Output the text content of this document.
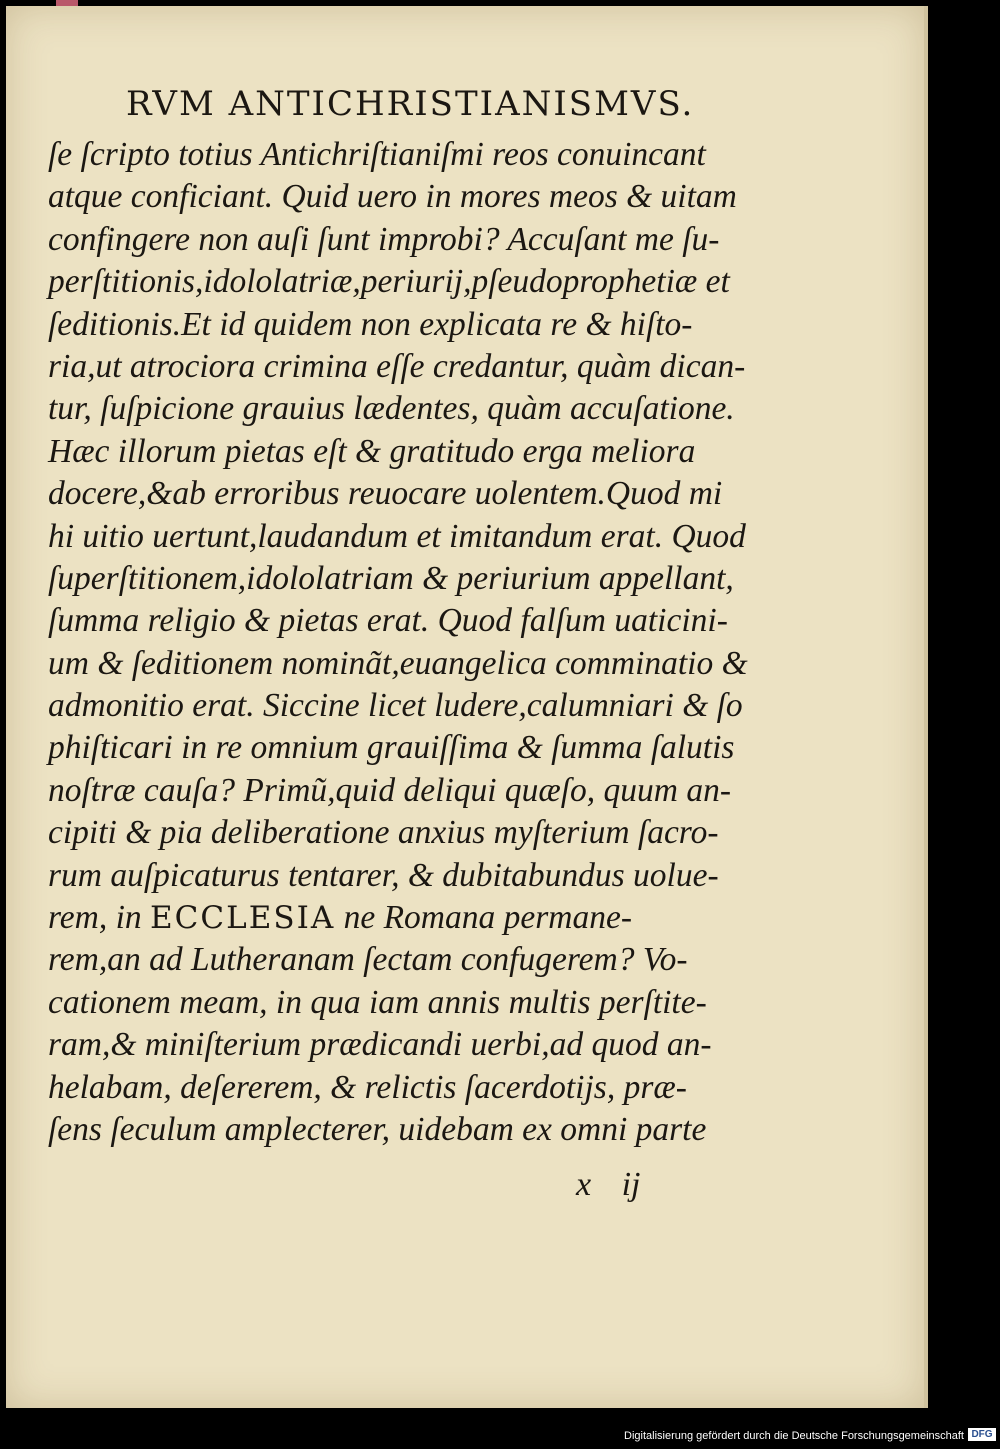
RVM ANTICHRISTIANISMVS.
ſe ſcripto totius Antichriſtianiſmi reos conuincant
atque conficiant. Quid uero in mores meos & uitam
confingere non auſi ſunt improbi? Accuſant me ſu-
perſtitionis,idololatriæ,periurij,pſeudoprophetiæ et
ſeditionis.Et id quidem non explicata re & hiſto-
ria,ut atrociora crimina eſſe credantur, quàm dican-
tur, ſuſpicione grauius lædentes, quàm accuſatione.
Hæc illorum pietas eſt & gratitudo erga meliora
docere,&ab erroribus reuocare uolentem.Quod mi
hi uitio uertunt,laudandum et imitandum erat. Quod
ſuperſtitionem,idololatriam & periurium appellant,
ſumma religio & pietas erat. Quod falſum uaticini-
um & ſeditionem nominãt,euangelica comminatio &
admonitio erat. Siccine licet ludere,calumniari & ſo
phiſticari in re omnium grauiſſima & ſumma ſalutis
noſtræ cauſa? Primũ,quid deliqui quæſo, quum an-
cipiti & pia deliberatione anxius myſterium ſacro-
rum auſpicaturus tentarer, & dubitabundus uolue-
rem, in ECCLESIA ne Romana permane-
rem,an ad Lutheranam ſectam confugerem? Vo-
cationem meam, in qua iam annis multis perſtite-
ram,& miniſterium prædicandi uerbi,ad quod an-
helabam, deſererem, & relictis ſacerdotijs, præ-
ſens ſeculum amplecterer, uidebam ex omni parte
x ij
Digitalisierung gefördert durch die Deutsche Forschungsgemeinschaft DFG
